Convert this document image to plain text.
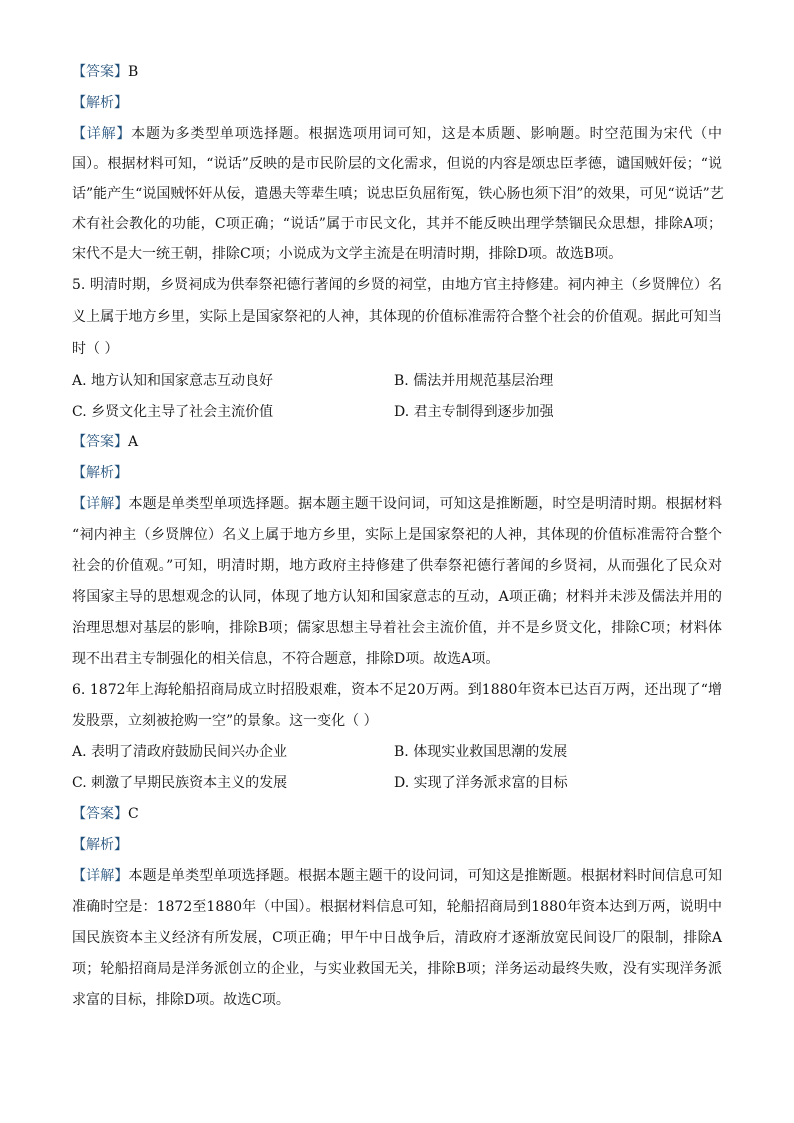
【答案】B

【解析】

【详解】本题为多类型单项选择题。根据选项用词可知，这是本质题、影响题。时空范围为宋代（中

国）。根据材料可知，“说话”反映的是市民阶层的文化需求，但说的内容是颂忠臣孝德，谴国贼奸佞；“说

话”能产生“说国贼怀奸从佞，遣愚夫等辈生嗔；说忠臣负屈衔冤，铁心肠也须下泪”的效果，可见“说话”艺

术有社会教化的功能，C项正确；“说话”属于市民文化，其并不能反映出理学禁锢民众思想，排除A项；

宋代不是大一统王朝，排除C项；小说成为文学主流是在明清时期，排除D项。故选B项。

5. 明清时期，乡贤祠成为供奉祭祀德行著闻的乡贤的祠堂，由地方官主持修建。祠内神主（乡贤牌位）名

义上属于地方乡里，实际上是国家祭祀的人神，其体现的价值标准需符合整个社会的价值观。据此可知当

时（ ）

A. 地方认知和国家意志互动良好	B. 儒法并用规范基层治理
C. 乡贤文化主导了社会主流价值	D. 君主专制得到逐步加强

【答案】A

【解析】

【详解】本题是单类型单项选择题。据本题主题干设问词，可知这是推断题，时空是明清时期。根据材料

“祠内神主（乡贤牌位）名义上属于地方乡里，实际上是国家祭祀的人神，其体现的价值标准需符合整个

社会的价值观。”可知，明清时期，地方政府主持修建了供奉祭祀德行著闻的乡贤祠，从而强化了民众对

将国家主导的思想观念的认同，体现了地方认知和国家意志的互动，A项正确；材料并未涉及儒法并用的

治理思想对基层的影响，排除B项；儒家思想主导着社会主流价值，并不是乡贤文化，排除C项；材料体

现不出君主专制强化的相关信息，不符合题意，排除D项。故选A项。

6. 1872年上海轮船招商局成立时招股艰难，资本不足20万两。到1880年资本已达百万两，还出现了“增

发股票，立刻被抢购一空”的景象。这一变化（ ）

A. 表明了清政府鼓励民间兴办企业	B. 体现实业救国思潮的发展
C. 刺激了早期民族资本主义的发展	D. 实现了洋务派求富的目标

【答案】C

【解析】

【详解】本题是单类型单项选择题。根据本题主题干的设问词，可知这是推断题。根据材料时间信息可知

准确时空是：1872至1880年（中国）。根据材料信息可知，轮船招商局到1880年资本达到万两，说明中

国民族资本主义经济有所发展，C项正确；甲午中日战争后，清政府才逐渐放宽民间设厂的限制，排除A

项；轮船招商局是洋务派创立的企业，与实业救国无关，排除B项；洋务运动最终失败，没有实现洋务派

求富的目标，排除D项。故选C项。
